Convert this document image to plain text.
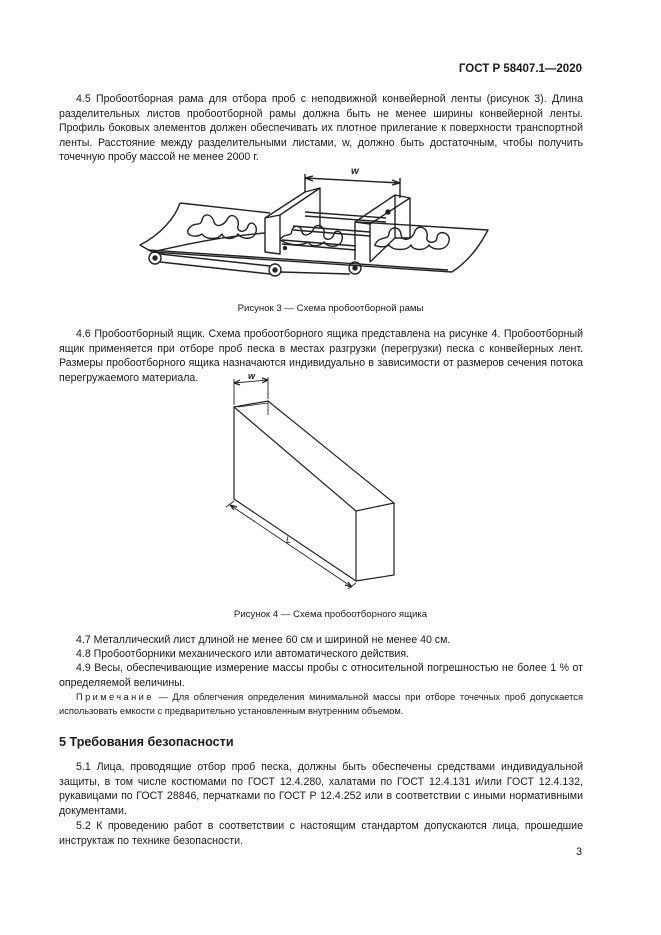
ГОСТ Р 58407.1—2020

4.5 Пробоотборная рама для отбора проб с неподвижной конвейерной ленты (рисунок 3). Длина разделительных листов пробоотборной рамы должна быть не менее ширины конвейерной ленты. Профиль боковых элементов должен обеспечивать их плотное прилегание к поверхности транспортной ленты. Расстояние между разделительными листами, w, должно быть достаточным, чтобы получить точечную пробу массой не менее 2000 г.

w
Рисунок 3 — Схема пробоотборной рамы

4.6 Пробоотборный ящик. Схема пробоотборного ящика представлена на рисунке 4. Пробоотборный ящик применяется при отборе проб песка в местах разгрузки (перегрузки) песка с конвейерных лент. Размеры пробоотборного ящика назначаются индивидуально в зависимости от размеров сечения потока перегружаемого материала.	w
L
Рисунок 4 — Схема пробоотборного ящика

4.7 Металлический лист длиной не менее 60 см и шириной не менее 40 см.

4.8 Пробоотборники механического или автоматического действия.

4.9 Весы, обеспечивающие измерение массы пробы с относительной погрешностью не более 1 % от определяемой величины.

Примечание — Для облегчения определения минимальной массы при отборе точечных проб допускается использовать емкости с предварительно установленным внутренним объемом.

5 Требования безопасности

5.1 Лица, проводящие отбор проб песка, должны быть обеспечены средствами индивидуальной защиты, в том числе костюмами по ГОСТ 12.4.280, халатами по ГОСТ 12.4.131 и/или ГОСТ 12.4.132, рукавицами по ГОСТ 28846, перчатками по ГОСТ Р 12.4.252 или в соответствии с иными нормативными документами.

5.2 К проведению работ в соответствии с настоящим стандартом допускаются лица, прошедшие инструктаж по технике безопасности.

3
